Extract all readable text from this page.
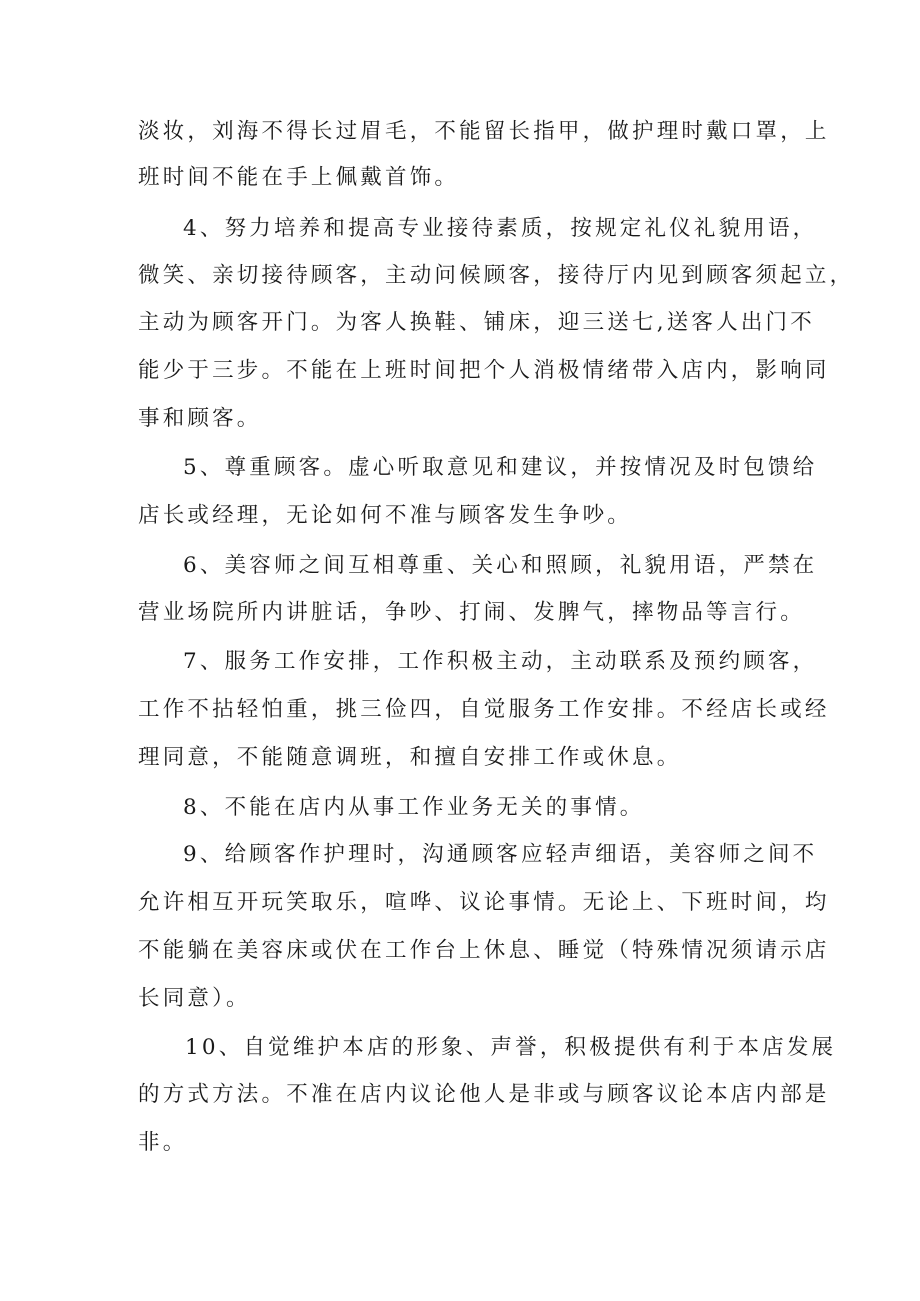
淡妆，刘海不得长过眉毛，不能留长指甲，做护理时戴口罩，上
班时间不能在手上佩戴首饰。
4、努力培养和提高专业接待素质，按规定礼仪礼貌用语，
微笑、亲切接待顾客，主动问候顾客，接待厅内见到顾客须起立，
主动为顾客开门。为客人换鞋、铺床，迎三送七,送客人出门不
能少于三步。不能在上班时间把个人消极情绪带入店内，影响同
事和顾客。
5、尊重顾客。虚心听取意见和建议，并按情况及时包馈给
店长或经理，无论如何不准与顾客发生争吵。
6、美容师之间互相尊重、关心和照顾，礼貌用语，严禁在
营业场院所内讲脏话，争吵、打闹、发脾气，摔物品等言行。
7、服务工作安排，工作积极主动，主动联系及预约顾客，
工作不拈轻怕重，挑三俭四，自觉服务工作安排。不经店长或经
理同意，不能随意调班，和擅自安排工作或休息。
8、不能在店内从事工作业务无关的事情。
9、给顾客作护理时，沟通顾客应轻声细语，美容师之间不
允许相互开玩笑取乐，喧哗、议论事情。无论上、下班时间，均
不能躺在美容床或伏在工作台上休息、睡觉（特殊情况须请示店
长同意）。
10、自觉维护本店的形象、声誉，积极提供有利于本店发展
的方式方法。不准在店内议论他人是非或与顾客议论本店内部是
非。
